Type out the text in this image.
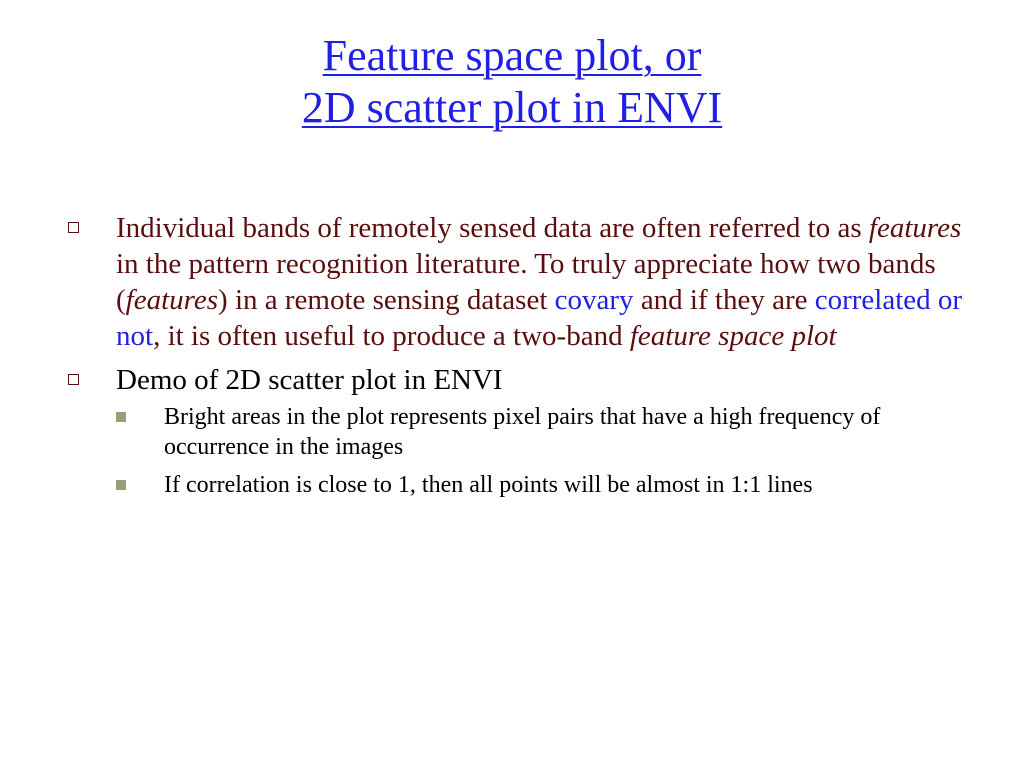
Feature space plot, or
2D scatter plot in ENVI
Individual bands of remotely sensed data are often referred to as features in the pattern recognition literature. To truly appreciate how two bands (features) in a remote sensing dataset covary and if they are correlated or not, it is often useful to produce a two-band feature space plot
Demo of 2D scatter plot in ENVI
Bright areas in the plot represents pixel pairs that have a high frequency of occurrence in the images
If correlation is close to 1, then all points will be almost in 1:1 lines
